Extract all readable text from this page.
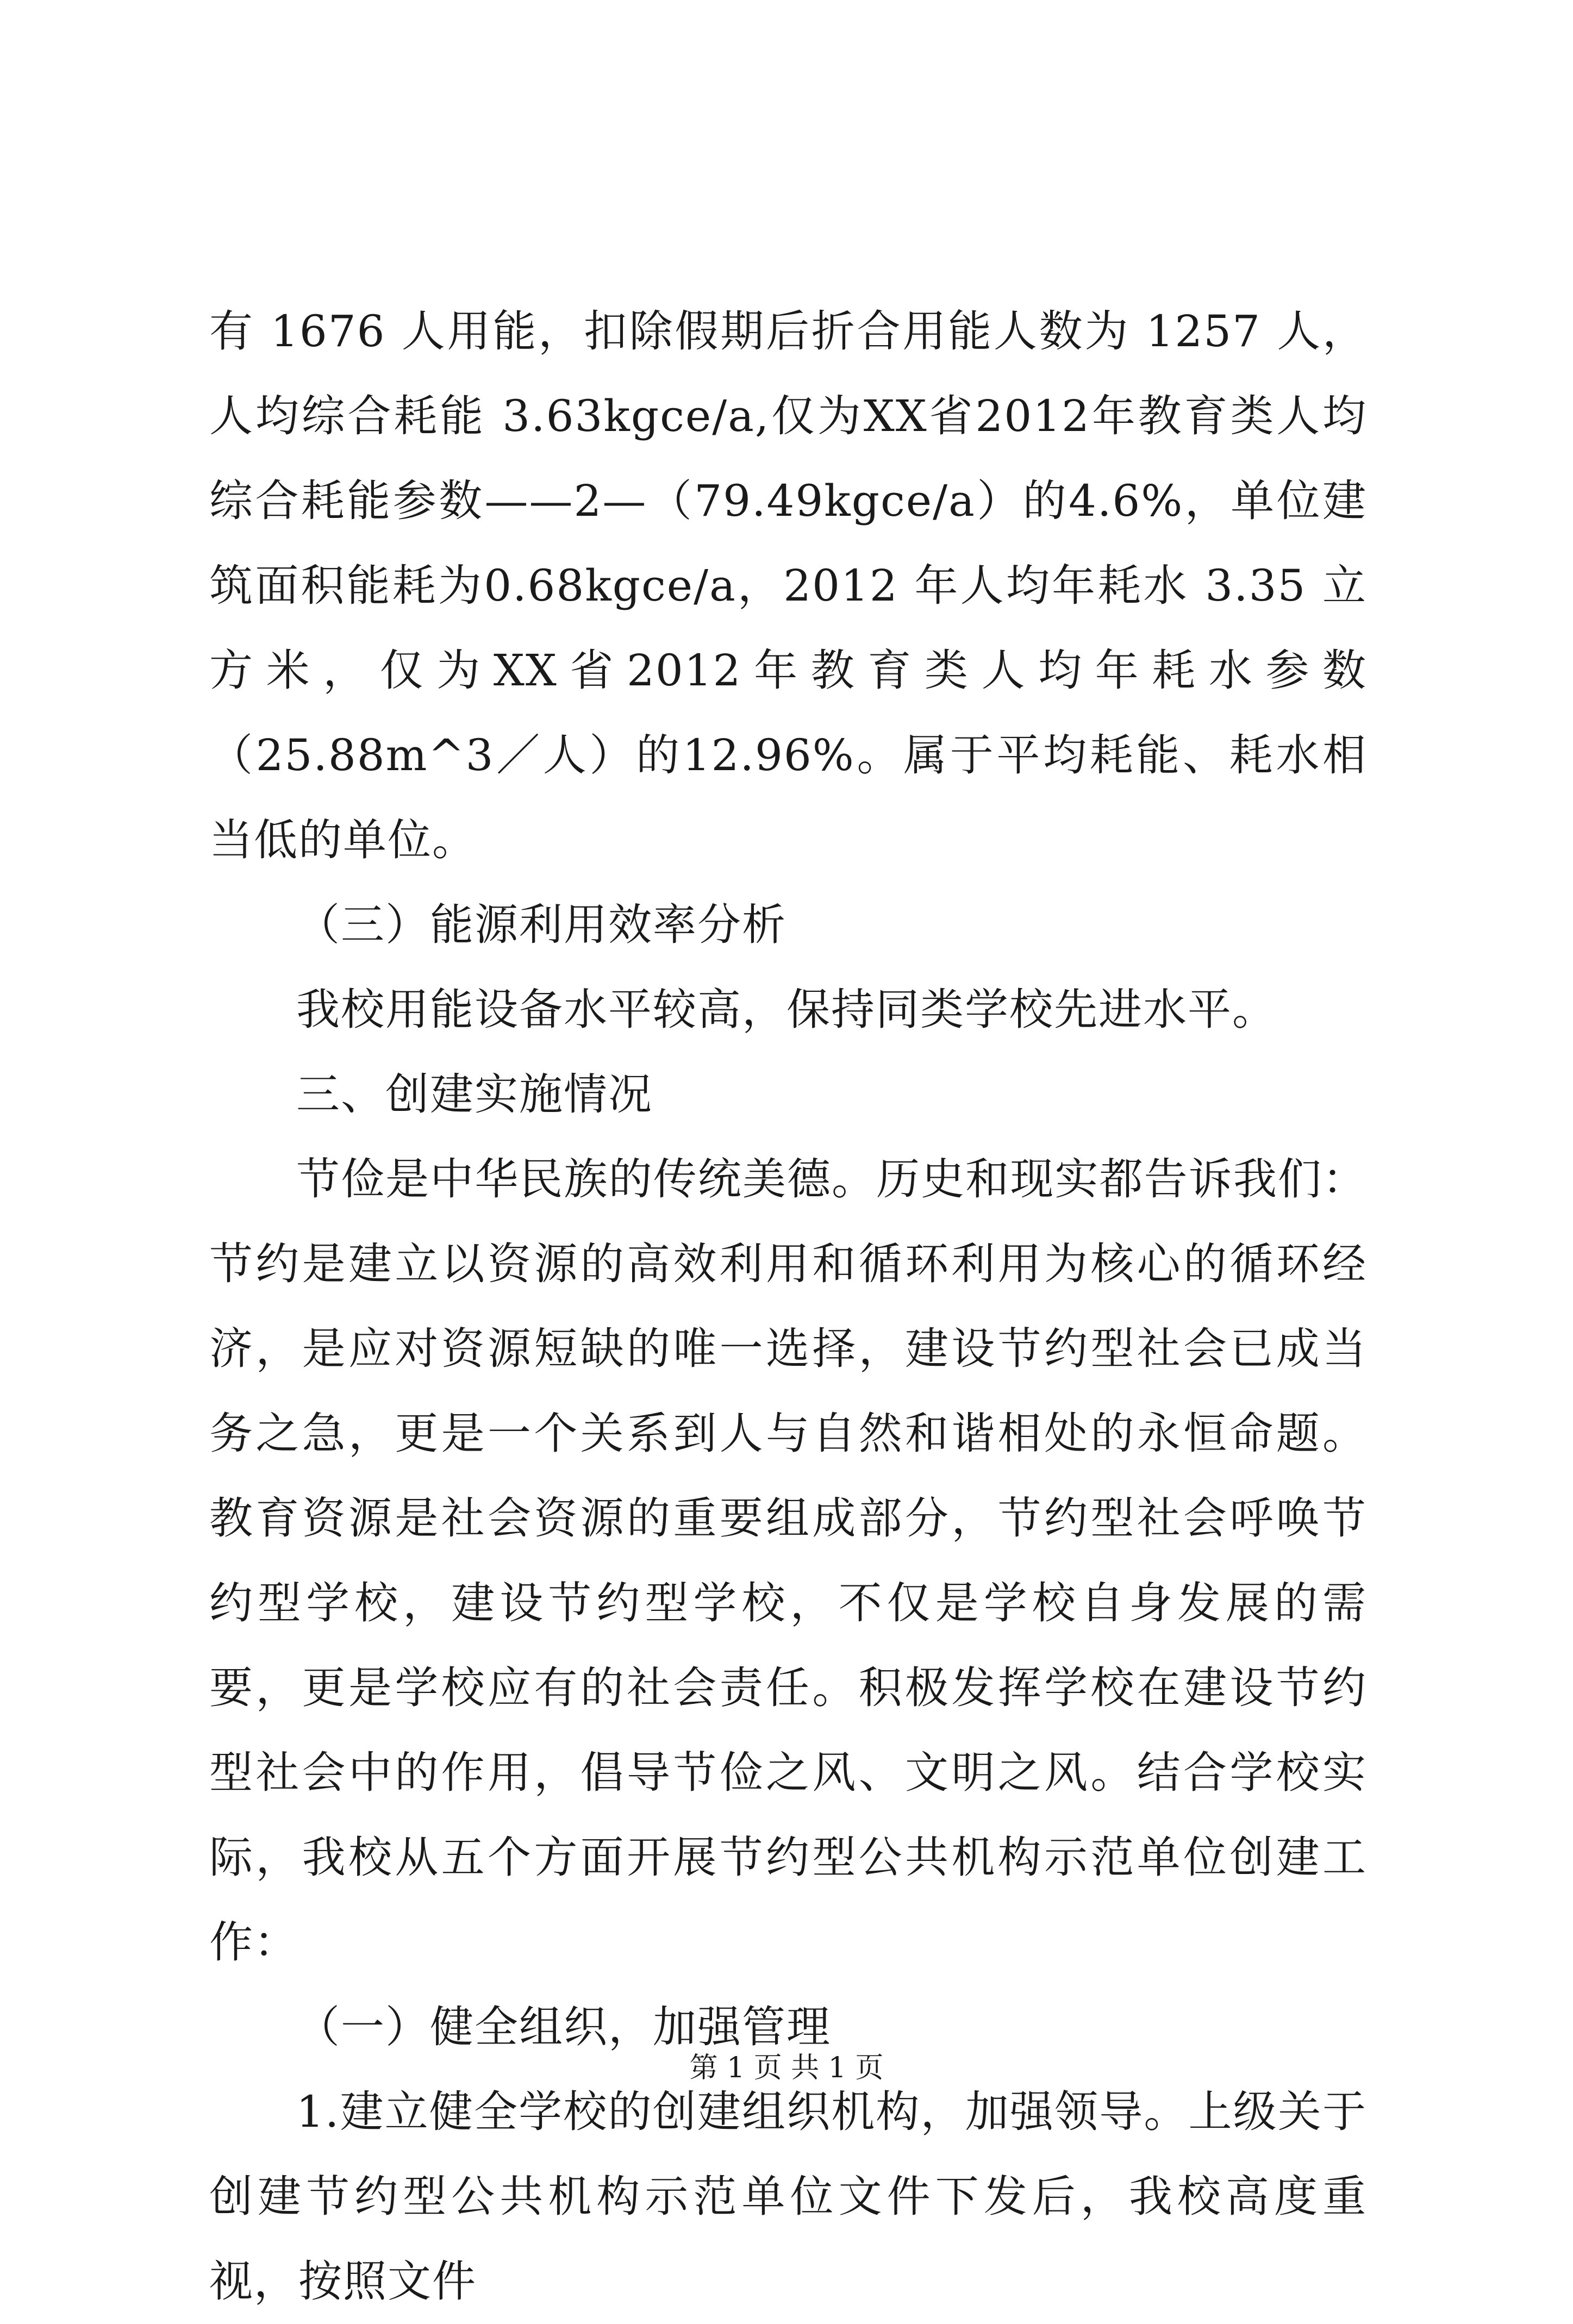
有 1676 人用能，扣除假期后折合用能人数为 1257 人，人均综合耗能 3.63kgce/a,仅为XX省2012年教育类人均综合耗能参数——2—（79.49kgce/a）的4.6%，单位建筑面积能耗为0.68kgce/a，2012 年人均年耗水 3.35 立方米，仅为XX省2012年教育类人均年耗水参数（25.88m^3／人）的12.96%。属于平均耗能、耗水相当低的单位。

（三）能源利用效率分析

我校用能设备水平较高，保持同类学校先进水平。

三、创建实施情况

节俭是中华民族的传统美德。历史和现实都告诉我们：节约是建立以资源的高效利用和循环利用为核心的循环经济，是应对资源短缺的唯一选择，建设节约型社会已成当务之急，更是一个关系到人与自然和谐相处的永恒命题。教育资源是社会资源的重要组成部分，节约型社会呼唤节约型学校，建设节约型学校，不仅是学校自身发展的需要，更是学校应有的社会责任。积极发挥学校在建设节约型社会中的作用，倡导节俭之风、文明之风。结合学校实际，我校从五个方面开展节约型公共机构示范单位创建工作：

（一）健全组织，加强管理

1.建立健全学校的创建组织机构，加强领导。上级关于创建节约型公共机构示范单位文件下发后，我校高度重视，按照文件

第 1 页 共 1 页
